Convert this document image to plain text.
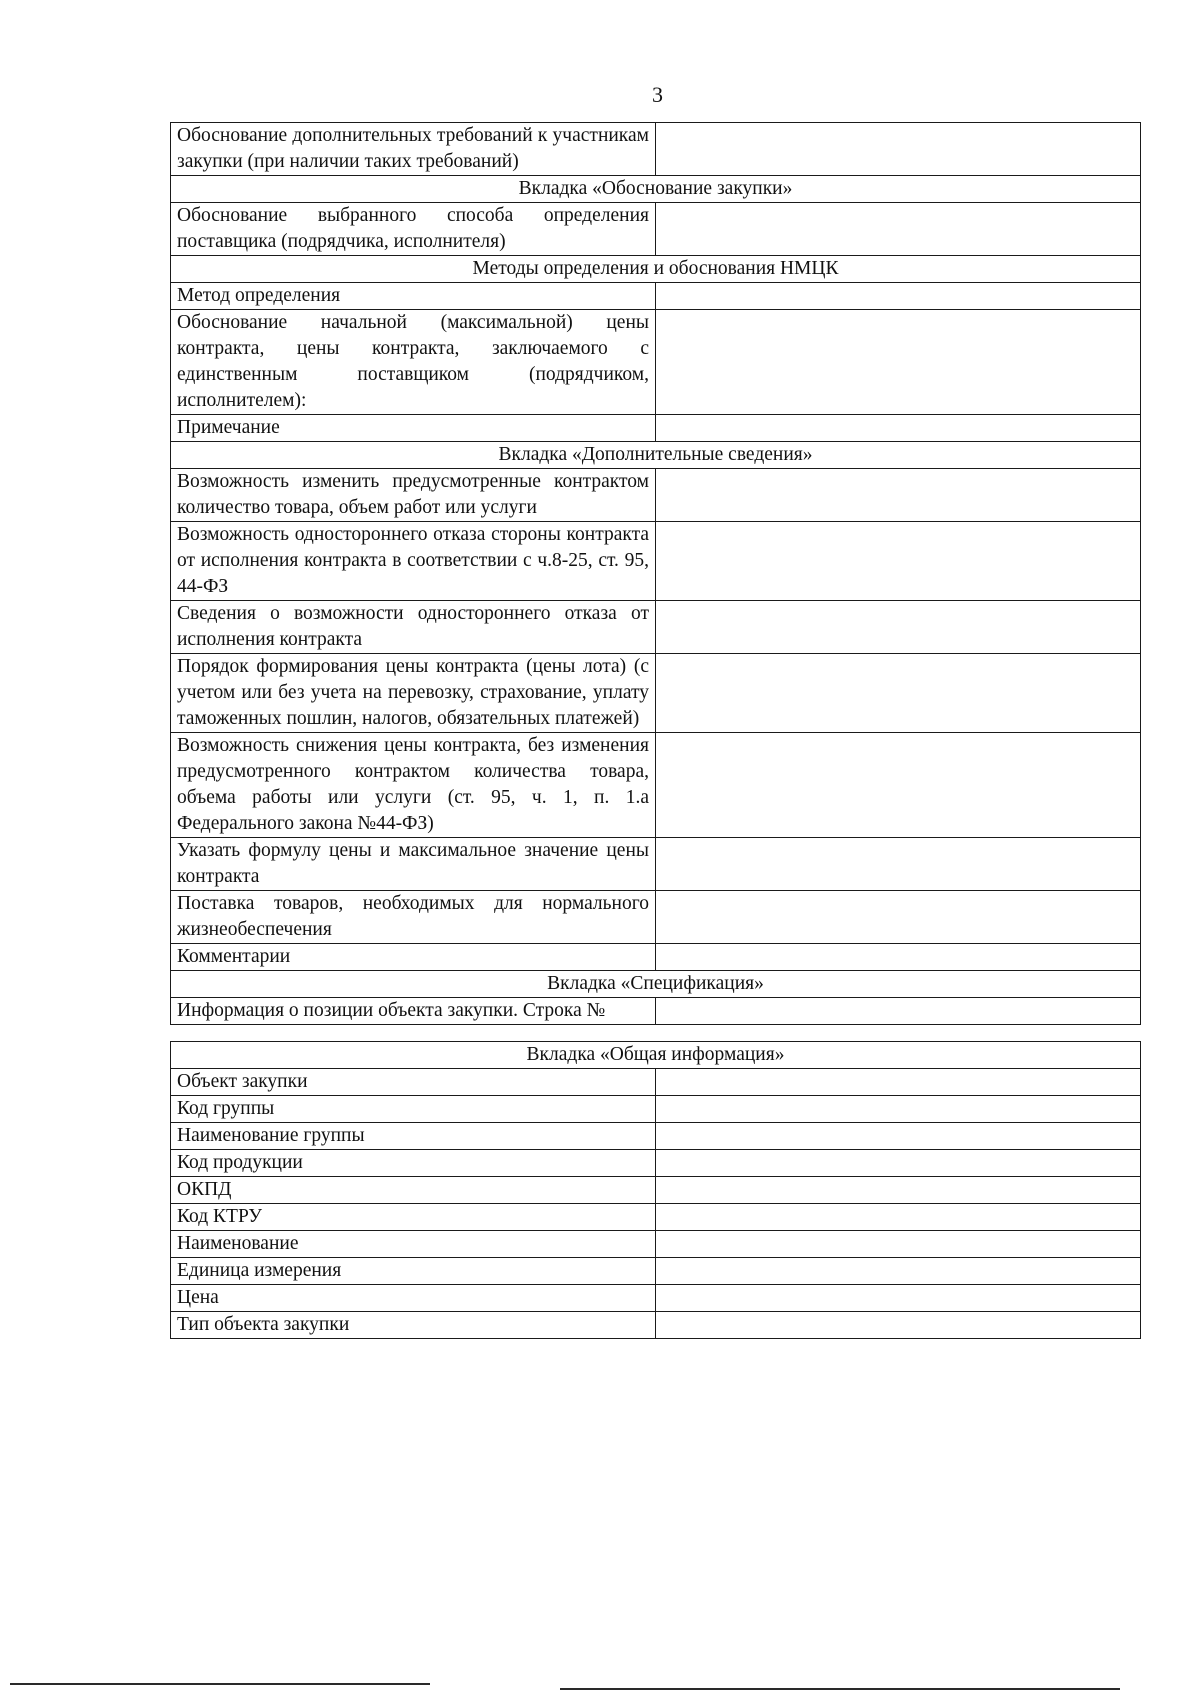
3
Обоснование дополнительных требований к участникам закупки (при наличии таких требований)	
Вкладка «Обоснование закупки»	
Обоснование выбранного способа определения поставщика (подрядчика, исполнителя)	
Методы определения и обоснования НМЦК	
Метод определения	
Обоснование начальной (максимальной) цены контракта, цены контракта, заключаемого с единственным поставщиком (подрядчиком, исполнителем):	
Примечание	
Вкладка «Дополнительные сведения»	
Возможность изменить предусмотренные контрактом количество товара, объем работ или услуги	
Возможность одностороннего отказа стороны контракта от исполнения контракта в соответствии с ч.8-25, ст. 95, 44-ФЗ	
Сведения о возможности одностороннего отказа от исполнения контракта	
Порядок формирования цены контракта (цены лота) (с учетом или без учета на перевозку, страхование, уплату таможенных пошлин, налогов, обязательных платежей)	
Возможность снижения цены контракта, без изменения предусмотренного контрактом количества товара, объема работы или услуги (ст. 95, ч. 1, п. 1.а Федерального закона №44-ФЗ)	
Указать формулу цены и максимальное значение цены контракта	
Поставка товаров, необходимых для нормального жизнеобеспечения	
Комментарии	
Вкладка «Спецификация»	
Информация о позиции объекта закупки. Строка №	

Вкладка «Общая информация»	
Объект закупки	
Код группы	
Наименование группы	
Код продукции	
ОКПД	
Код КТРУ	
Наименование	
Единица измерения	
Цена	
Тип объекта закупки	
